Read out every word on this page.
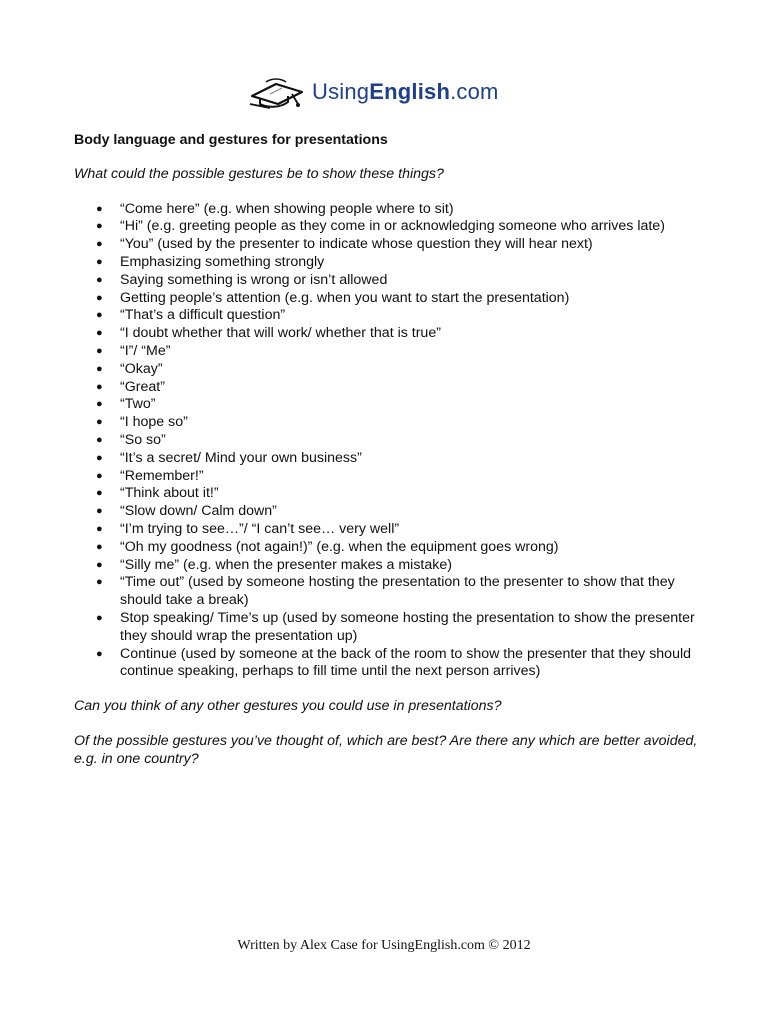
UsingEnglish.com

Body language and gestures for presentations

What could the possible gestures be to show these things?

● “Come here” (e.g. when showing people where to sit)
● “Hi” (e.g. greeting people as they come in or acknowledging someone who arrives late)
● “You” (used by the presenter to indicate whose question they will hear next)
● Emphasizing something strongly
● Saying something is wrong or isn’t allowed
● Getting people’s attention (e.g. when you want to start the presentation)
● “That’s a difficult question”
● “I doubt whether that will work/ whether that is true”
● “I”/ “Me”
● “Okay”
● “Great”
● “Two”
● “I hope so”
● “So so”
● “It’s a secret/ Mind your own business”
● “Remember!”
● “Think about it!”
● “Slow down/ Calm down”
● “I’m trying to see…”/ “I can’t see… very well”
● “Oh my goodness (not again!)” (e.g. when the equipment goes wrong)
● “Silly me” (e.g. when the presenter makes a mistake)
● “Time out” (used by someone hosting the presentation to the presenter to show that they should take a break)
● Stop speaking/ Time’s up (used by someone hosting the presentation to show the presenter they should wrap the presentation up)
● Continue (used by someone at the back of the room to show the presenter that they should continue speaking, perhaps to fill time until the next person arrives)

Can you think of any other gestures you could use in presentations?

Of the possible gestures you’ve thought of, which are best? Are there any which are better avoided, e.g. in one country?

Written by Alex Case for UsingEnglish.com © 2012
